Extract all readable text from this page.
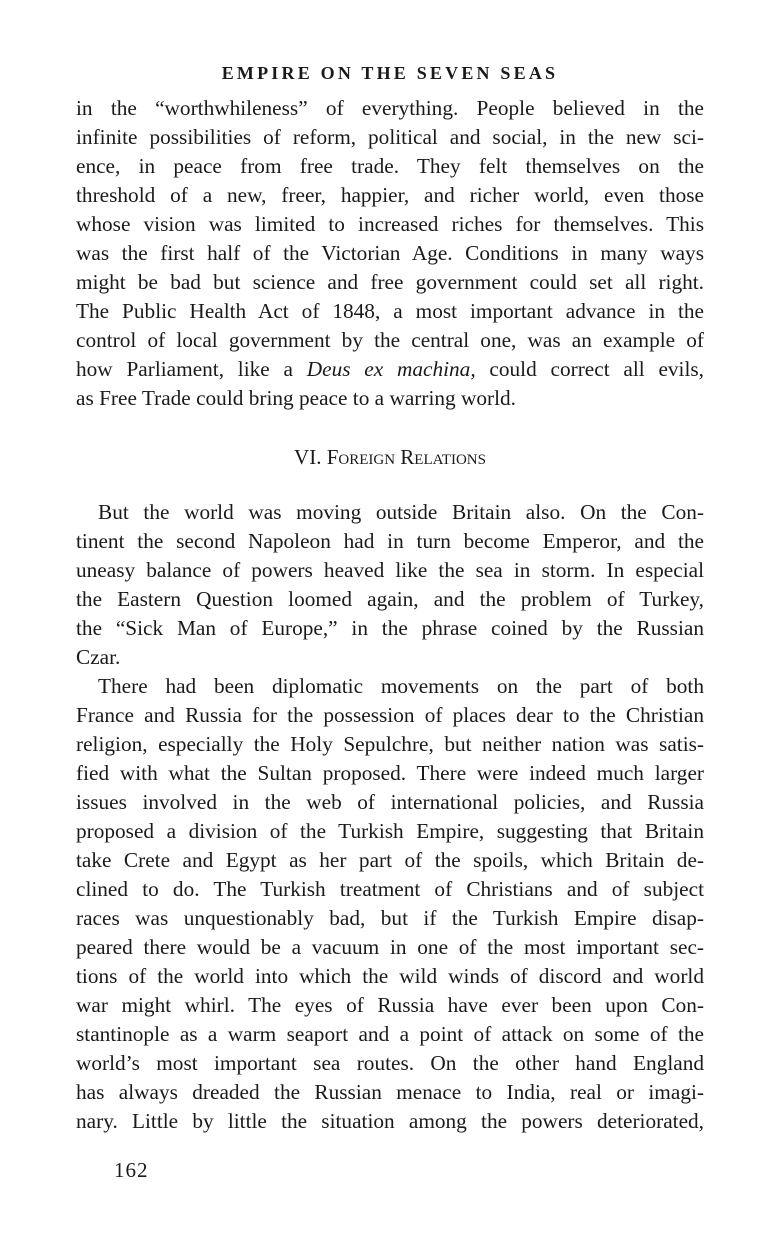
EMPIRE ON THE SEVEN SEAS
in the “worthwhileness” of everything. People believed in the
infinite possibilities of reform, political and social, in the new sci-
ence, in peace from free trade. They felt themselves on the
threshold of a new, freer, happier, and richer world, even those
whose vision was limited to increased riches for themselves. This
was the first half of the Victorian Age. Conditions in many ways
might be bad but science and free government could set all right.
The Public Health Act of 1848, a most important advance in the
control of local government by the central one, was an example of
how Parliament, like a Deus ex machina, could correct all evils,
as Free Trade could bring peace to a warring world.
VI. Foreign Relations
But the world was moving outside Britain also. On the Con-
tinent the second Napoleon had in turn become Emperor, and the
uneasy balance of powers heaved like the sea in storm. In especial
the Eastern Question loomed again, and the problem of Turkey,
the “Sick Man of Europe,” in the phrase coined by the Russian
Czar.
There had been diplomatic movements on the part of both
France and Russia for the possession of places dear to the Christian
religion, especially the Holy Sepulchre, but neither nation was satis-
fied with what the Sultan proposed. There were indeed much larger
issues involved in the web of international policies, and Russia
proposed a division of the Turkish Empire, suggesting that Britain
take Crete and Egypt as her part of the spoils, which Britain de-
clined to do. The Turkish treatment of Christians and of subject
races was unquestionably bad, but if the Turkish Empire disap-
peared there would be a vacuum in one of the most important sec-
tions of the world into which the wild winds of discord and world
war might whirl. The eyes of Russia have ever been upon Con-
stantinople as a warm seaport and a point of attack on some of the
world’s most important sea routes. On the other hand England
has always dreaded the Russian menace to India, real or imagi-
nary. Little by little the situation among the powers deteriorated,
162
